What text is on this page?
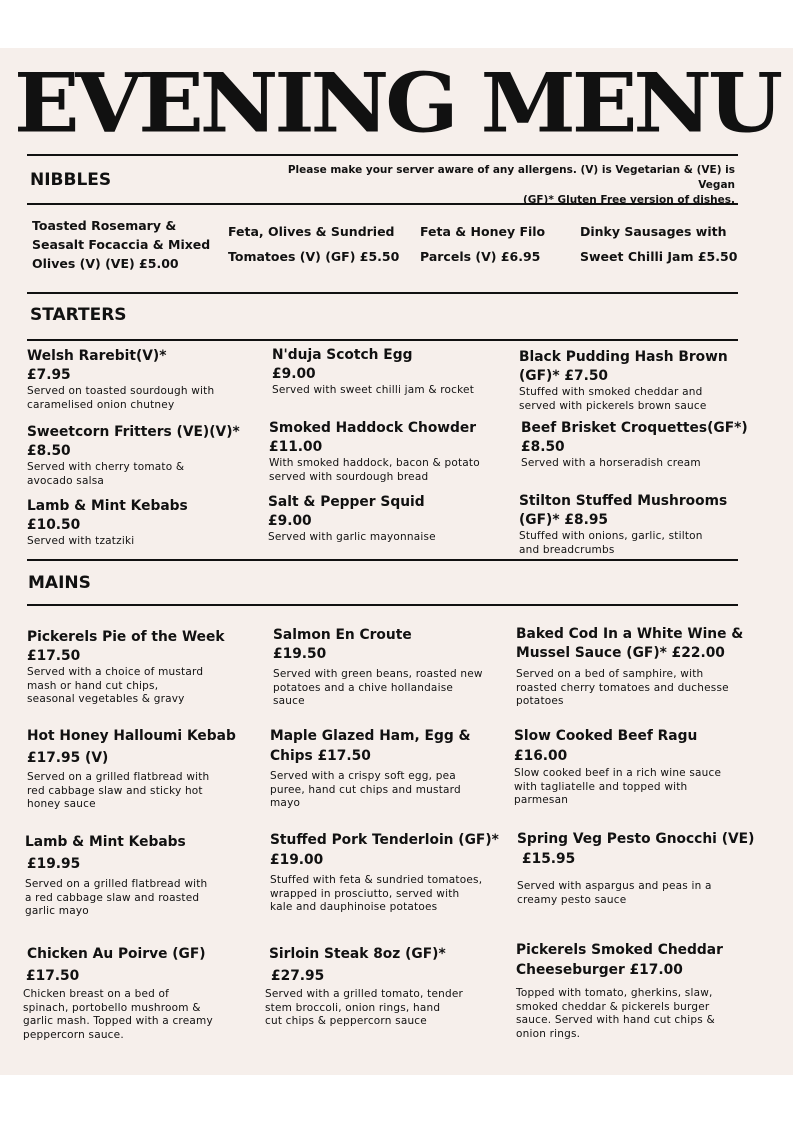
EVENING MENU
NIBBLES	Please make your server aware of any allergens. (V) is Vegetarian & (VE) is Vegan
(GF)* Gluten Free version of dishes.
Toasted Rosemary &
Seasalt Focaccia & Mixed
Olives (V) (VE) £5.00
Feta, Olives & Sundried
Tomatoes (V) (GF) £5.50
Feta & Honey Filo
Parcels (V) £6.95
Dinky Sausages with
Sweet Chilli Jam £5.50
STARTERS
Welsh Rarebit(V)*
£7.95
Served on toasted sourdough with
caramelised onion chutney
N'duja Scotch Egg
£9.00
Served with sweet chilli jam & rocket
Black Pudding Hash Brown
(GF)* £7.50
Stuffed with smoked cheddar and
served with pickerels brown sauce
Sweetcorn Fritters (VE)(V)*
£8.50
Served with cherry tomato &
avocado salsa
Smoked Haddock Chowder
£11.00
With smoked haddock, bacon & potato
served with sourdough bread
Beef Brisket Croquettes(GF*)
£8.50
Served with a horseradish cream
Lamb & Mint Kebabs
£10.50
Served with tzatziki
Salt & Pepper Squid
£9.00
Served with garlic mayonnaise
Stilton Stuffed Mushrooms
(GF)* £8.95
Stuffed with onions, garlic, stilton
and breadcrumbs
MAINS
Pickerels Pie of the Week
£17.50
Served with a choice of mustard
mash or hand cut chips,
seasonal vegetables & gravy
Salmon En Croute
£19.50
Served with green beans, roasted new
potatoes and a chive hollandaise
sauce
Baked Cod In a White Wine &
Mussel Sauce (GF)* £22.00
Served on a bed of samphire, with
roasted cherry tomatoes and duchesse
potatoes
Hot Honey Halloumi Kebab
£17.95 (V)
Served on a grilled flatbread with
red cabbage slaw and sticky hot
honey sauce
Maple Glazed Ham, Egg &
Chips £17.50
Served with a crispy soft egg, pea
puree, hand cut chips and mustard
mayo
Slow Cooked Beef Ragu
£16.00
Slow cooked beef in a rich wine sauce
with tagliatelle and topped with
parmesan
Lamb & Mint Kebabs
£19.95
Served on a grilled flatbread with
a red cabbage slaw and roasted
garlic mayo
Stuffed Pork Tenderloin (GF)*
£19.00
Stuffed with feta & sundried tomatoes,
wrapped in prosciutto, served with
kale and dauphinoise potatoes
Spring Veg Pesto Gnocchi (VE)
£15.95
Served with aspargus and peas in a
creamy pesto sauce
Chicken Au Poirve (GF)
£17.50
Chicken breast on a bed of
spinach, portobello mushroom &
garlic mash. Topped with a creamy
peppercorn sauce.
Sirloin Steak 8oz (GF)*
£27.95
Served with a grilled tomato, tender
stem broccoli, onion rings, hand
cut chips & peppercorn sauce
Pickerels Smoked Cheddar
Cheeseburger £17.00
Topped with tomato, gherkins, slaw,
smoked cheddar & pickerels burger
sauce. Served with hand cut chips &
onion rings.
